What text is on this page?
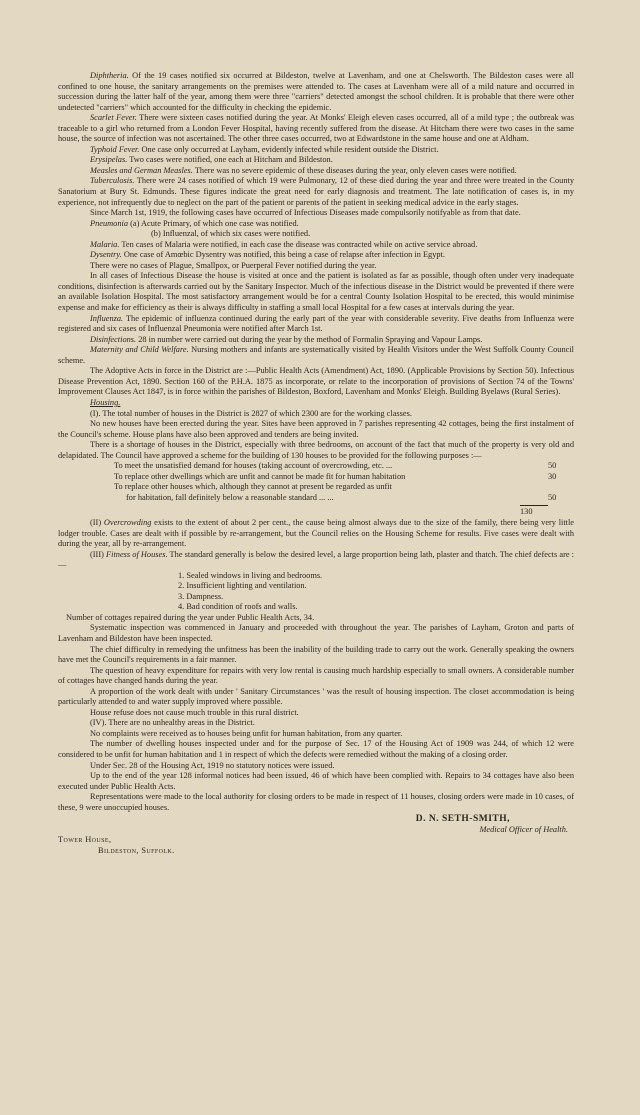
Diphtheria. Of the 19 cases notified six occurred at Bildeston, twelve at Lavenham, and one at Chelsworth. The Bildeston cases were all confined to one house, the sanitary arrangements on the premises were attended to. The cases at Lavenham were all of a mild nature and occurred in succession during the latter half of the year, among them were three "carriers" detected amongst the school children. It is probable that there were other undetected "carriers" which accounted for the difficulty in checking the epidemic.

Scarlet Fever. There were sixteen cases notified during the year. At Monks' Eleigh eleven cases occurred, all of a mild type ; the outbreak was traceable to a girl who returned from a London Fever Hospital, having recently suffered from the disease. At Hitcham there were two cases in the same house, the source of infection was not ascertained. The other three cases occurred, two at Edwardstone in the same house and one at Aldham.

Typhoid Fever. One case only occurred at Layham, evidently infected while resident outside the District.

Erysipelas. Two cases were notified, one each at Hitcham and Bildeston.

Measles and German Measles. There was no severe epidemic of these diseases during the year, only eleven cases were notified.

Tuberculosis. There were 24 cases notified of which 19 were Pulmonary, 12 of these died during the year and three were treated in the County Sanatorium at Bury St. Edmunds. These figures indicate the great need for early diagnosis and treatment. The late notification of cases is, in my experience, not infrequently due to neglect on the part of the patient or parents of the patient in seeking medical advice in the early stages.

Since March 1st, 1919, the following cases have occurred of Infectious Diseases made compulsorily notifyable as from that date.

Pneumonia (a) Acute Primary, of which one case was notified.

(b) Influenzal, of which six cases were notified.

Malaria. Ten cases of Malaria were notified, in each case the disease was contracted while on active service abroad.

Dysentry. One case of Amœbic Dysentry was notified, this being a case of relapse after infection in Egypt.

There were no cases of Plague, Smallpox, or Puerperal Fever notified during the year.

In all cases of Infectious Disease the house is visited at once and the patient is isolated as far as possible, though often under very inadequate conditions, disinfection is afterwards carried out by the Sanitary Inspector. Much of the infectious disease in the District would be prevented if there were an available Isolation Hospital. The most satisfactory arrangement would be for a central County Isolation Hospital to be erected, this would minimise expense and make for efficiency as their is always difficulty in staffing a small local Hospital for a few cases at intervals during the year.

Influenza. The epidemic of influenza continued during the early part of the year with considerable severity. Five deaths from Influenza were registered and six cases of Influenzal Pneumonia were notified after March 1st.

Disinfections. 28 in number were carried out during the year by the method of Formalin Spraying and Vapour Lamps.

Maternity and Child Welfare. Nursing mothers and infants are systematically visited by Health Visitors under the West Suffolk County Council scheme.

The Adoptive Acts in force in the District are :—Public Health Acts (Amendment) Act, 1890. (Applicable Provisions by Section 50). Infectious Disease Prevention Act, 1890. Section 160 of the P.H.A. 1875 as incorporate, or relate to the incorporation of provisions of Section 74 of the Towns' Improvement Clauses Act 1847, is in force within the parishes of Bildeston, Boxford, Lavenham and Monks' Eleigh. Building Byelaws (Rural Series).

Housing.

(I). The total number of houses in the District is 2827 of which 2300 are for the working classes.

No new houses have been erected during the year. Sites have been approved in 7 parishes representing 42 cottages, being the first instalment of the Council's scheme. House plans have also been approved and tenders are being invited.

There is a shortage of houses in the District, especially with three bedrooms, on account of the fact that much of the property is very old and delapidated. The Council have approved a scheme for the building of 130 houses to be provided for the following purposes :—

To meet the unsatisfied demand for houses (taking account of overcrowding, etc. ...	50
To replace other dwellings which are unfit and cannot be made fit for human habitation	30
To replace other houses which, although they cannot at present be regarded as unfit
for habitation, fall definitely below a reasonable standard ... ...	50
130

(II) Overcrowding exists to the extent of about 2 per cent., the cause being almost always due to the size of the family, there being very little lodger trouble. Cases are dealt with if possible by re-arrangement, but the Council relies on the Housing Scheme for results. Five cases were dealt with during the year, all by re-arrangement.

(III) Fitness of Houses. The standard generally is below the desired level, a large proportion being lath, plaster and thatch. The chief defects are :—

1. Sealed windows in living and bedrooms.
2. Insufficient lighting and ventilation.
3. Dampness.
4. Bad condition of roofs and walls.

Number of cottages repaired during the year under Public Health Acts, 34.

Systematic inspection was commenced in January and proceeded with throughout the year. The parishes of Layham, Groton and parts of Lavenham and Bildeston have been inspected.

The chief difficulty in remedying the unfitness has been the inability of the building trade to carry out the work. Generally speaking the owners have met the Council's requirements in a fair manner.

The question of heavy expenditure for repairs with very low rental is causing much hardship especially to small owners. A considerable number of cottages have changed hands during the year.

A proportion of the work dealt with under ' Sanitary Circumstances ' was the result of housing inspection. The closet accommodation is being particularly attended to and water supply improved where possible.

House refuse does not cause much trouble in this rural district.

(IV). There are no unhealthy areas in the District.

No complaints were received as to houses being unfit for human habitation, from any quarter.

The number of dwelling houses inspected under and for the purpose of Sec. 17 of the Housing Act of 1909 was 244, of which 12 were considered to be unfit for human habitation and 1 in respect of which the defects were remedied without the making of a closing order.

Under Sec. 28 of the Housing Act, 1919 no statutory notices were issued.

Up to the end of the year 128 informal notices had been issued, 46 of which have been complied with. Repairs to 34 cottages have also been executed under Public Health Acts.

Representations were made to the local authority for closing orders to be made in respect of 11 houses, closing orders were made in 10 cases, of these, 9 were unoccupied houses.

D. N. SETH-SMITH,
Medical Officer of Health.
Tower House,
Bildeston, Suffolk.
